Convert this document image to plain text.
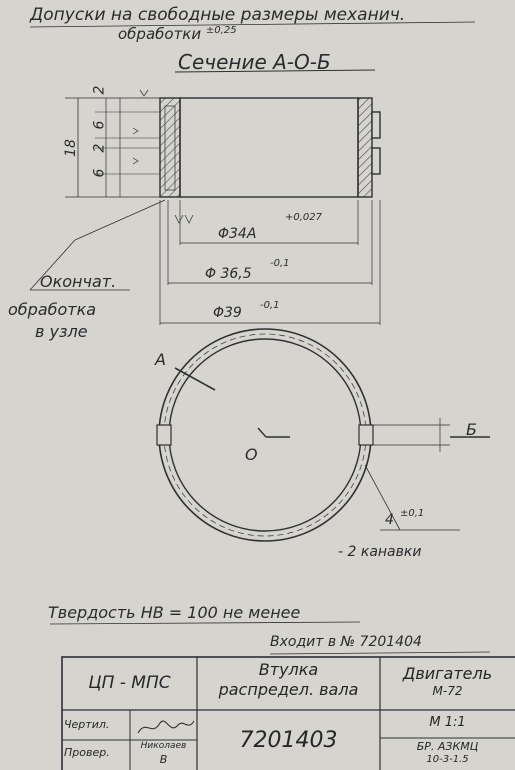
Допуски на свободные размеры механич.
обработки $^{\pm 0,25}$
Сечение А-О-Б
18
2
6
2
6
Φ34А
+0,027
Φ 36,5
-0,1
Φ39 -0,1
Окончат.
обработка
в узле
А
Б
О
4 ±0,1
- 2 канавки
Твердость НВ = 100 не менее
Входит в № 7201404
ЦП - МПС
Втулка
распредел. вала
Двигатель
М-72
Чертил.
Провер.	Николаев
В
7201403
М 1:1
БР. АЗКМЦ
10-3-1.5
